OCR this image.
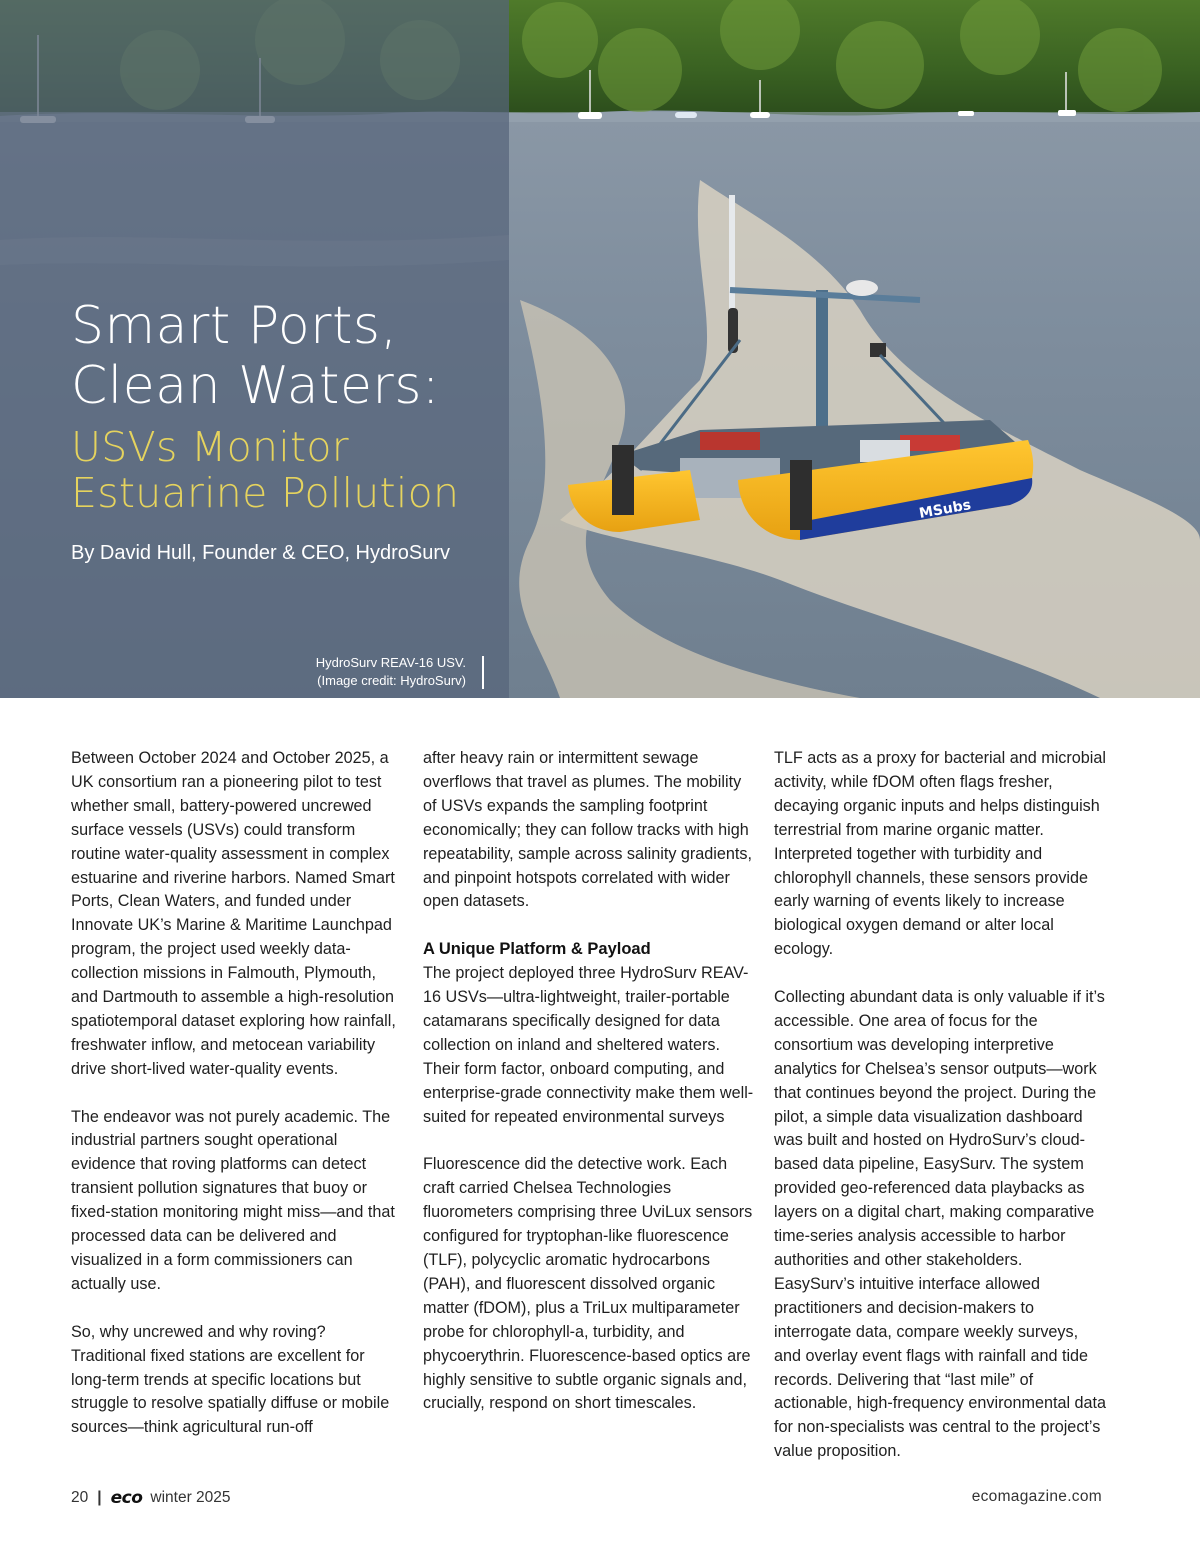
MSubs
Smart Ports,
Clean Waters:
USVs Monitor
Estuarine Pollution
By David Hull, Founder & CEO, HydroSurv
HydroSurv REAV-16 USV.
(Image credit: HydroSurv)

Between October 2024 and October 2025, a UK consortium ran a pioneering pilot to test whether small, battery-powered uncrewed surface vessels (USVs) could transform routine water-quality assessment in complex estuarine and riverine harbors. Named Smart Ports, Clean Waters, and funded under Innovate UK’s Marine & Maritime Launchpad program, the project used weekly data-collection missions in Falmouth, Plymouth, and Dartmouth to assemble a high-resolution spatiotemporal dataset exploring how rainfall, freshwater inflow, and metocean variability drive short-lived water-quality events.

The endeavor was not purely academic. The industrial partners sought operational evidence that roving platforms can detect transient pollution signatures that buoy or fixed-station monitoring might miss—and that processed data can be delivered and visualized in a form commissioners can actually use.

So, why uncrewed and why roving? Traditional fixed stations are excellent for long-term trends at specific locations but struggle to resolve spatially diffuse or mobile sources—think agricultural run-off

after heavy rain or intermittent sewage overflows that travel as plumes. The mobility of USVs expands the sampling footprint economically; they can follow tracks with high repeatability, sample across salinity gradients, and pinpoint hotspots correlated with wider open datasets.

A Unique Platform & Payload

The project deployed three HydroSurv REAV-16 USVs—ultra-lightweight, trailer-portable catamarans specifically designed for data collection on inland and sheltered waters. Their form factor, onboard computing, and enterprise-grade connectivity make them well-suited for repeated environmental surveys

Fluorescence did the detective work. Each craft carried Chelsea Technologies fluorometers comprising three UviLux sensors configured for tryptophan-like fluorescence (TLF), polycyclic aromatic hydrocarbons (PAH), and fluorescent dissolved organic matter (fDOM), plus a TriLux multiparameter probe for chlorophyll-a, turbidity, and phycoerythrin. Fluorescence-based optics are highly sensitive to subtle organic signals and, crucially, respond on short timescales.

TLF acts as a proxy for bacterial and microbial activity, while fDOM often flags fresher, decaying organic inputs and helps distinguish terrestrial from marine organic matter. Interpreted together with turbidity and chlorophyll channels, these sensors provide early warning of events likely to increase biological oxygen demand or alter local ecology.

Collecting abundant data is only valuable if it’s accessible. One area of focus for the consortium was developing interpretive analytics for Chelsea’s sensor outputs—work that continues beyond the project. During the pilot, a simple data visualization dashboard was built and hosted on HydroSurv’s cloud-based data pipeline, EasySurv. The system provided geo-referenced data playbacks as layers on a digital chart, making comparative time-series analysis accessible to harbor authorities and other stakeholders. EasySurv’s intuitive interface allowed practitioners and decision-makers to interrogate data, compare weekly surveys, and overlay event flags with rainfall and tide records. Delivering that “last mile” of actionable, high-frequency environmental data for non-specialists was central to the project’s value proposition.

20 | eco winter 2025	ecomagazine.com
